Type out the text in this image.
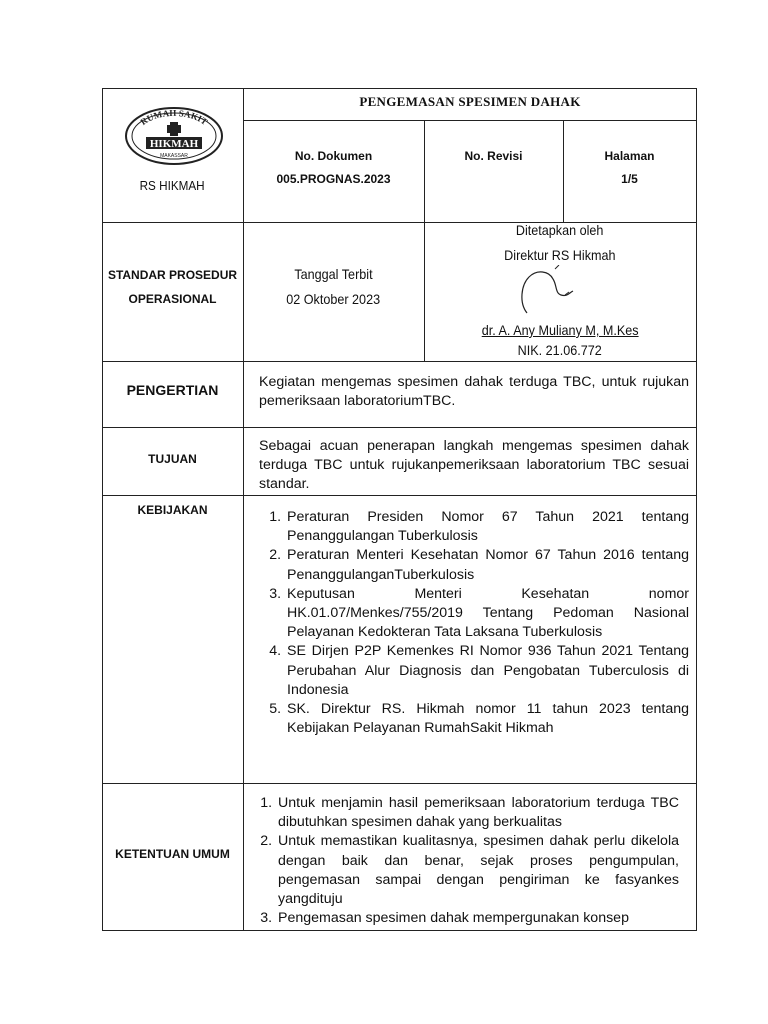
PENGEMASAN SPESIMEN DAHAK
RUMAH SAKIT
HIKMAH
MAKASSAR
RS HIKMAH
No. Dokumen
005.PROGNAS.2023
No. Revisi	Halaman
1/5
STANDAR PROSEDUR
OPERASIONAL
Tanggal Terbit
02 Oktober 2023
Ditetapkan oleh
Direktur RS Hikmah
dr. A. Any Muliany M, M.Kes
NIK. 21.06.772
PENGERTIAN	Kegiatan mengemas spesimen dahak terduga TBC, untuk rujukan pemeriksaan laboratoriumTBC.
TUJUAN
Sebagai acuan penerapan langkah mengemas spesimen dahak terduga TBC untuk rujukanpemeriksaan laboratorium TBC sesuai standar.
KEBIJAKAN
1.	Peraturan Presiden Nomor 67 Tahun 2021 tentang Penanggulangan Tuberkulosis
2. Peraturan Menteri Kesehatan Nomor 67 Tahun 2016 tentang PenanggulanganTuberkulosis
3. Keputusan Menteri Kesehatan nomor HK.01.07/Menkes/755/2019 Tentang Pedoman Nasional Pelayanan Kedokteran Tata Laksana Tuberkulosis
4. SE Dirjen P2P Kemenkes RI Nomor 936 Tahun 2021 Tentang Perubahan Alur Diagnosis dan Pengobatan Tuberculosis di Indonesia
5. SK. Direktur RS. Hikmah nomor 11 tahun 2023 tentang Kebijakan Pelayanan RumahSakit Hikmah
KETENTUAN UMUM
1. Untuk menjamin hasil pemeriksaan laboratorium terduga TBC dibutuhkan spesimen dahak yang berkualitas
2. Untuk memastikan kualitasnya, spesimen dahak perlu dikelola dengan baik dan benar, sejak proses pengumpulan, pengemasan sampai dengan pengiriman ke fasyankes yangdituju
3. Pengemasan spesimen dahak mempergunakan konsep
